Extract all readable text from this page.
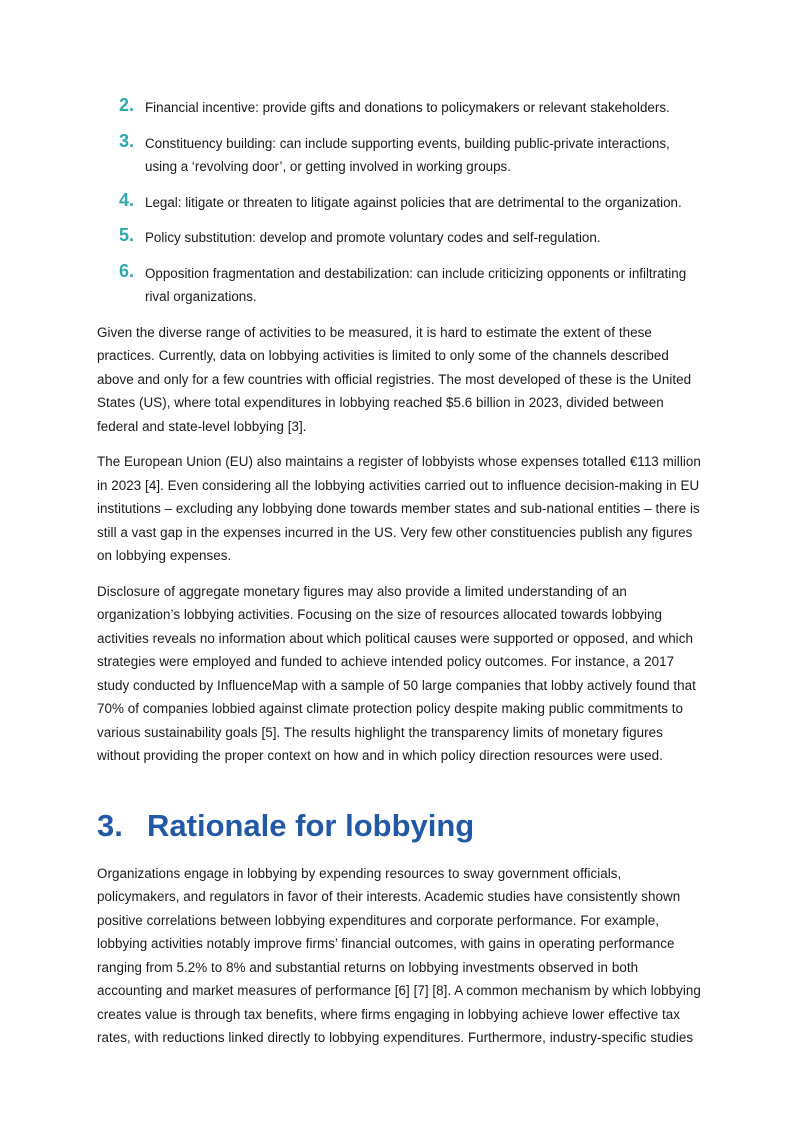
2. Financial incentive: provide gifts and donations to policymakers or relevant stakeholders.
3. Constituency building: can include supporting events, building public-private interactions, using a ‘revolving door’, or getting involved in working groups.
4. Legal: litigate or threaten to litigate against policies that are detrimental to the organization.
5. Policy substitution: develop and promote voluntary codes and self-regulation.
6. Opposition fragmentation and destabilization: can include criticizing opponents or infiltrating rival organizations.

Given the diverse range of activities to be measured, it is hard to estimate the extent of these practices. Currently, data on lobbying activities is limited to only some of the channels described above and only for a few countries with official registries. The most developed of these is the United States (US), where total expenditures in lobbying reached $5.6 billion in 2023, divided between federal and state-level lobbying [3].

The European Union (EU) also maintains a register of lobbyists whose expenses totalled €113 million in 2023 [4]. Even considering all the lobbying activities carried out to influence decision-making in EU institutions – excluding any lobbying done towards member states and sub-national entities – there is still a vast gap in the expenses incurred in the US. Very few other constituencies publish any figures on lobbying expenses.

Disclosure of aggregate monetary figures may also provide a limited understanding of an organization’s lobbying activities. Focusing on the size of resources allocated towards lobbying activities reveals no information about which political causes were supported or opposed, and which strategies were employed and funded to achieve intended policy outcomes. For instance, a 2017 study conducted by InfluenceMap with a sample of 50 large companies that lobby actively found that 70% of companies lobbied against climate protection policy despite making public commitments to various sustainability goals [5]. The results highlight the transparency limits of monetary figures without providing the proper context on how and in which policy direction resources were used.

3. Rationale for lobbying

Organizations engage in lobbying by expending resources to sway government officials, policymakers, and regulators in favor of their interests. Academic studies have consistently shown positive correlations between lobbying expenditures and corporate performance. For example, lobbying activities notably improve firms’ financial outcomes, with gains in operating performance ranging from 5.2% to 8% and substantial returns on lobbying investments observed in both accounting and market measures of performance [6] [7] [8]. A common mechanism by which lobbying creates value is through tax benefits, where firms engaging in lobbying achieve lower effective tax rates, with reductions linked directly to lobbying expenditures. Furthermore, industry-specific studies
